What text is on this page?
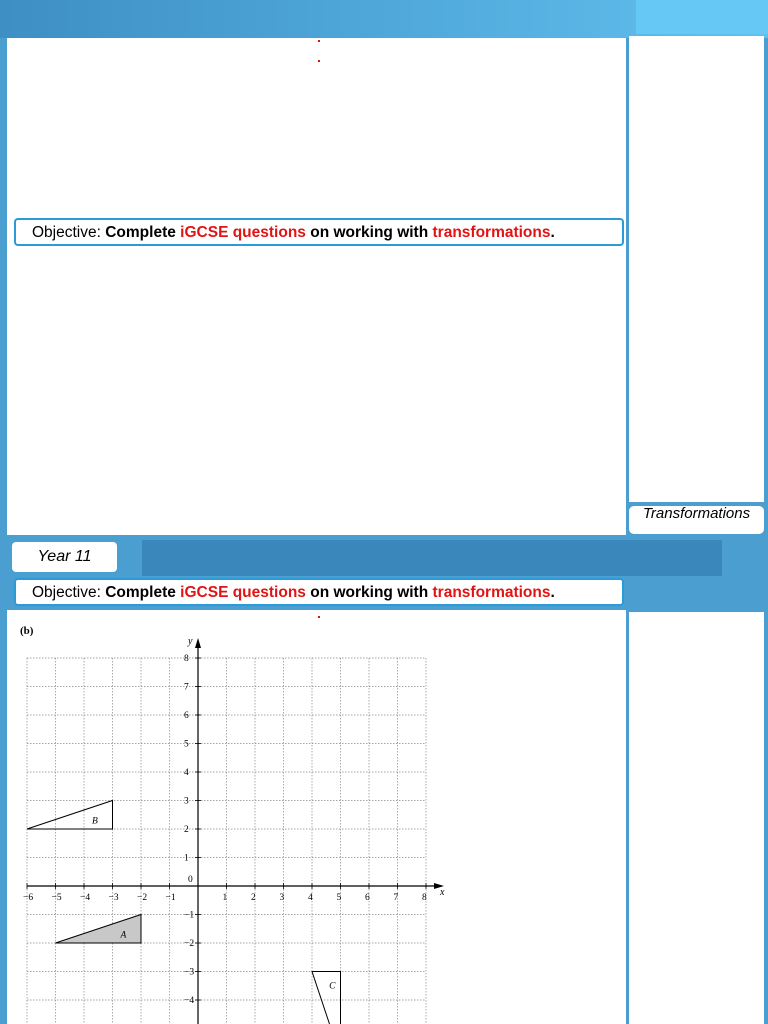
Objective: Complete iGCSE questions on working with transformations.
Transformations
Year 11
Objective: Complete iGCSE questions on working with transformations.
(b)
x
y
−6 −5 −4 −3 −2 −1	1	2	3	4	5	6	7	8
8
7
6
5
4
3
2
1
−1
−2
−3
−4
0
B
A
C
